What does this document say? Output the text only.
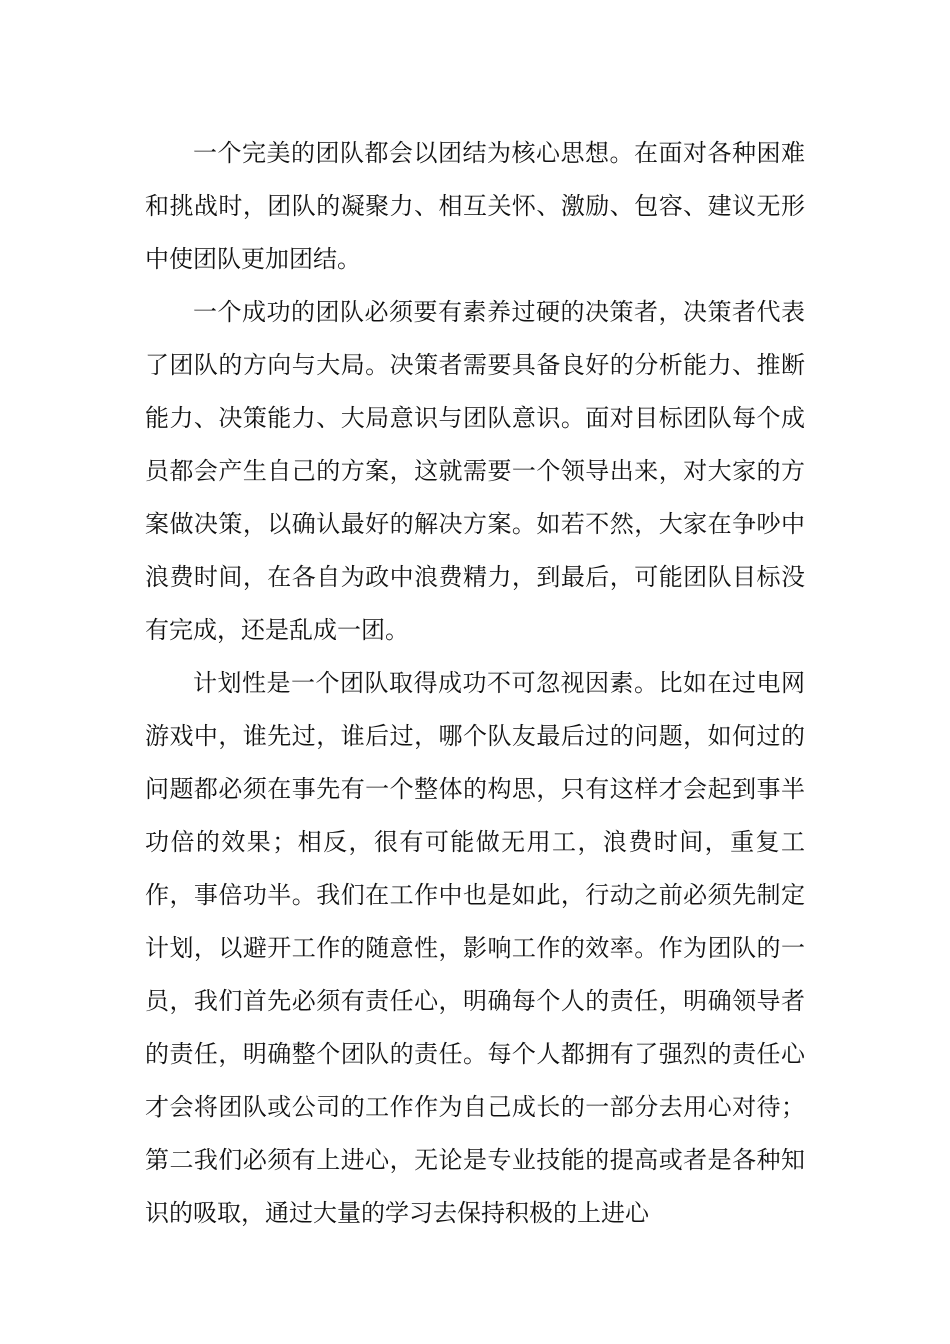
一个完美的团队都会以团结为核心思想。在面对各种困难和挑战时，团队的凝聚力、相互关怀、激励、包容、建议无形中使团队更加团结。

一个成功的团队必须要有素养过硬的决策者，决策者代表了团队的方向与大局。决策者需要具备良好的分析能力、推断能力、决策能力、大局意识与团队意识。面对目标团队每个成员都会产生自己的方案，这就需要一个领导出来，对大家的方案做决策，以确认最好的解决方案。如若不然，大家在争吵中浪费时间，在各自为政中浪费精力，到最后，可能团队目标没有完成，还是乱成一团。

计划性是一个团队取得成功不可忽视因素。比如在过电网游戏中，谁先过，谁后过，哪个队友最后过的问题，如何过的问题都必须在事先有一个整体的构思，只有这样才会起到事半功倍的效果；相反，很有可能做无用工，浪费时间，重复工作，事倍功半。我们在工作中也是如此，行动之前必须先制定计划，以避开工作的随意性，影响工作的效率。作为团队的一员，我们首先必须有责任心，明确每个人的责任，明确领导者的责任，明确整个团队的责任。每个人都拥有了强烈的责任心才会将团队或公司的工作作为自己成长的一部分去用心对待；第二我们必须有上进心，无论是专业技能的提高或者是各种知识的吸取，通过大量的学习去保持积极的上进心
